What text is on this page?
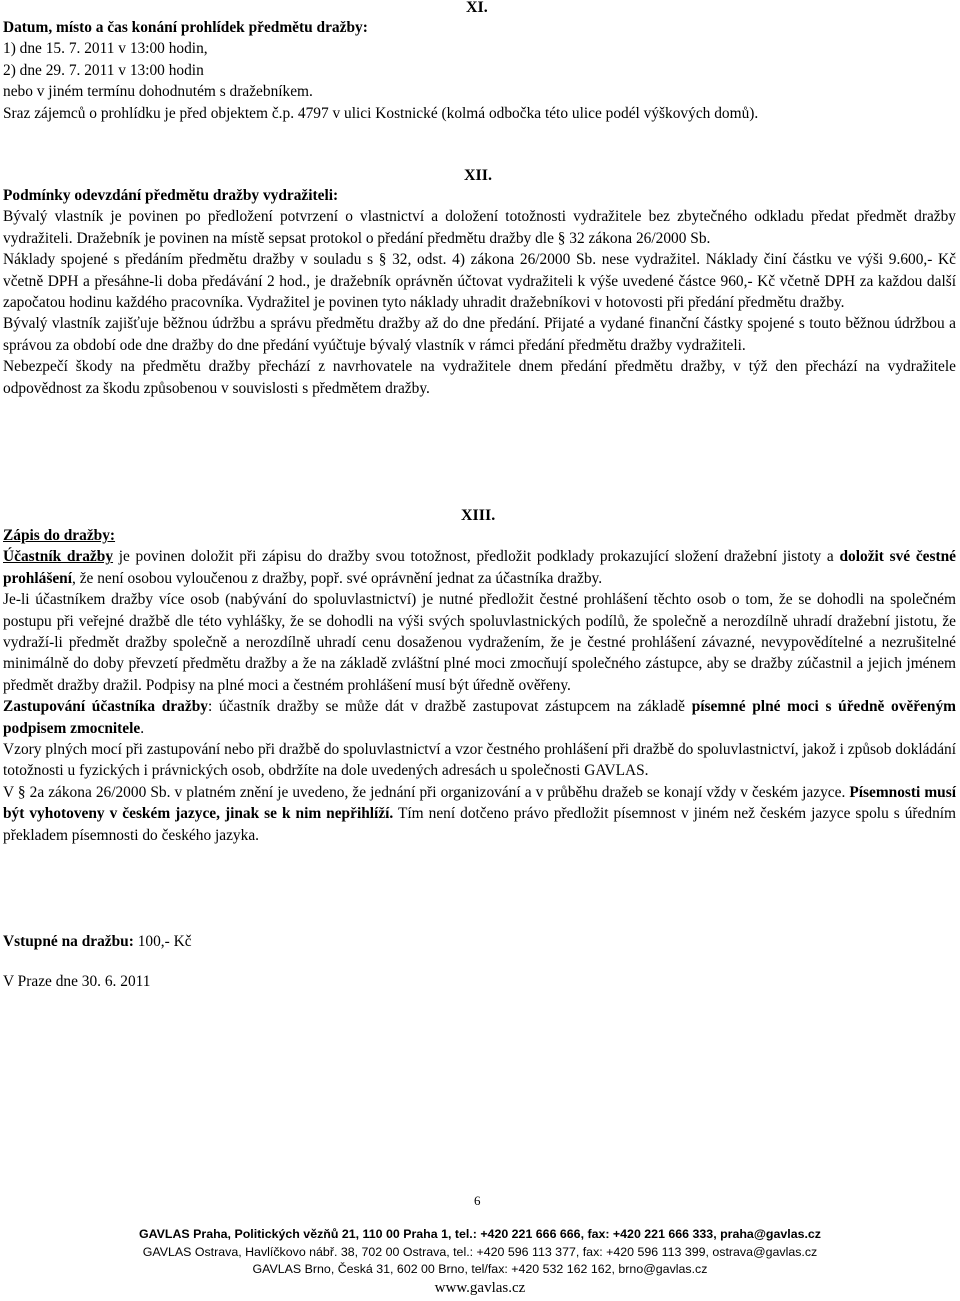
XI.

Datum, místo a čas konání prohlídek předmětu dražby:

1) dne 15. 7. 2011 v 13:00 hodin,

2) dne 29. 7. 2011 v 13:00 hodin

nebo v jiném termínu dohodnutém s dražebníkem.

Sraz zájemců o prohlídku je před objektem č.p. 4797 v ulici Kostnické (kolmá odbočka této ulice podél výškových domů).

XII.

Podmínky odevzdání předmětu dražby vydražiteli:

Bývalý vlastník je povinen po předložení potvrzení o vlastnictví a doložení totožnosti vydražitele bez zbytečného odkladu předat předmět dražby vydražiteli. Dražebník je povinen na místě sepsat protokol o předání předmětu dražby dle § 32 zákona 26/2000 Sb.

Náklady spojené s předáním předmětu dražby v souladu s § 32, odst. 4) zákona 26/2000 Sb. nese vydražitel. Náklady činí částku ve výši 9.600,- Kč včetně DPH a přesáhne-li doba předávání 2 hod., je dražebník oprávněn účtovat vydražiteli k výše uvedené částce 960,- Kč včetně DPH za každou další započatou hodinu každého pracovníka. Vydražitel je povinen tyto náklady uhradit dražebníkovi v hotovosti při předání předmětu dražby.

Bývalý vlastník zajišťuje běžnou údržbu a správu předmětu dražby až do dne předání. Přijaté a vydané finanční částky spojené s touto běžnou údržbou a správou za období ode dne dražby do dne předání vyúčtuje bývalý vlastník v rámci předání předmětu dražby vydražiteli.

Nebezpečí škody na předmětu dražby přechází z navrhovatele na vydražitele dnem předání předmětu dražby, v týž den přechází na vydražitele odpovědnost za škodu způsobenou v souvislosti s předmětem dražby.

XIII.

Zápis do dražby:

Účastník dražby je povinen doložit při zápisu do dražby svou totožnost, předložit podklady prokazující složení dražební jistoty a doložit své čestné prohlášení, že není osobou vyloučenou z dražby, popř. své oprávnění jednat za účastníka dražby.

Je-li účastníkem dražby více osob (nabývání do spoluvlastnictví) je nutné předložit čestné prohlášení těchto osob o tom, že se dohodli na společném postupu při veřejné dražbě dle této vyhlášky, že se dohodli na výši svých spoluvlastnických podílů, že společně a nerozdílně uhradí dražební jistotu, že vydraží-li předmět dražby společně a nerozdílně uhradí cenu dosaženou vydražením, že je čestné prohlášení závazné, nevypovědítelné a nezrušitelné minimálně do doby převzetí předmětu dražby a že na základě zvláštní plné moci zmocňují společného zástupce, aby se dražby zúčastnil a jejich jménem předmět dražby dražil. Podpisy na plné moci a čestném prohlášení musí být úředně ověřeny.

Zastupování účastníka dražby: účastník dražby se může dát v dražbě zastupovat zástupcem na základě písemné plné moci s úředně ověřeným podpisem zmocnitele.

Vzory plných mocí při zastupování nebo při dražbě do spoluvlastnictví a vzor čestného prohlášení při dražbě do spoluvlastnictví, jakož i způsob dokládání totožnosti u fyzických i právnických osob, obdržíte na dole uvedených adresách u společnosti GAVLAS.

V § 2a zákona 26/2000 Sb. v platném znění je uvedeno, že jednání při organizování a v průběhu dražeb se konají vždy v českém jazyce. Písemnosti musí být vyhotoveny v českém jazyce, jinak se k nim nepřihlíží. Tím není dotčeno právo předložit písemnost v jiném než českém jazyce spolu s úředním překladem písemnosti do českého jazyka.

Vstupné na dražbu: 100,- Kč

V Praze dne 30. 6. 2011

6
GAVLAS Praha, Politických vězňů 21, 110 00 Praha 1, tel.: +420 221 666 666, fax: +420 221 666 333, praha@gavlas.cz
GAVLAS Ostrava, Havlíčkovo nábř. 38, 702 00 Ostrava, tel.: +420 596 113 377, fax: +420 596 113 399, ostrava@gavlas.cz
GAVLAS Brno, Česká 31, 602 00 Brno, tel/fax: +420 532 162 162, brno@gavlas.cz
www.gavlas.cz
